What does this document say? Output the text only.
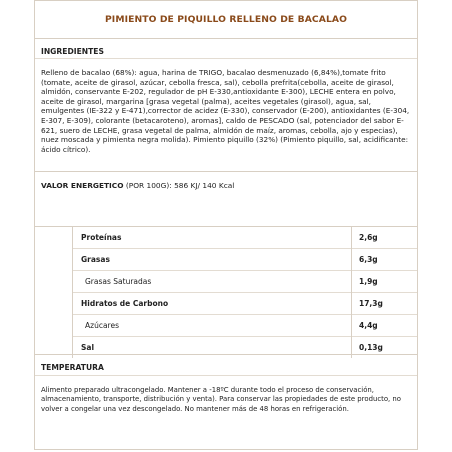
PIMIENTO DE PIQUILLO RELLENO DE BACALAO
INGREDIENTES
Relleno de bacalao (68%): agua, harina de TRIGO, bacalao desmenuzado (6,84%),tomate frito (tomate, aceite de girasol, azúcar, cebolla fresca, sal), cebolla prefrita(cebolla, aceite de girasol, almidón, conservante E-202, regulador de pH E-330,antioxidante E-300), LECHE entera en polvo, aceite de girasol, margarina [grasa vegetal (palma), aceites vegetales (girasol), agua, sal, emulgentes (IE-322 y E-471),corrector de acidez (E-330), conservador (E-200), antioxidantes (E-304, E-307, E-309), colorante (betacaroteno), aromas], caldo de PESCADO (sal, potenciador del sabor E-621, suero de LECHE, grasa vegetal de palma, almidón de maíz, aromas, cebolla, ajo y especias), nuez moscada y pimienta negra molida). Pimiento piquillo (32%) (Pimiento piquillo, sal, acidificante: ácido cítrico).
VALOR ENERGETICO (POR 100G): 586 KJ/ 140 Kcal
	Proteínas	2,6g
	Grasas	6,3g
	Grasas Saturadas	1,9g
	Hidratos de Carbono	17,3g
	Azúcares	4,4g
	Sal	0,13g
TEMPERATURA
Alimento preparado ultracongelado. Mantener a -18ºC durante todo el proceso de conservación, almacenamiento, transporte, distribución y venta). Para conservar las propiedades de este producto, no volver a congelar una vez descongelado. No mantener más de 48 horas en refrigeración.
